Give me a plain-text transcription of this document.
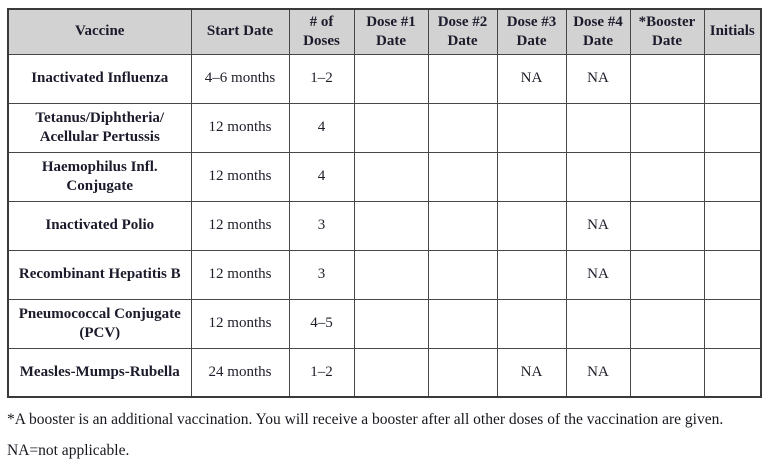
Vaccine	Start Date	# of Doses	Dose #1 Date	Dose #2 Date	Dose #3 Date	Dose #4 Date	*Booster Date	Initials
Inactivated Influenza	4–6 months	1–2			NA	NA		
Tetanus/Diphtheria/ Acellular Pertussis	12 months	4						
Haemophilus Infl. Conjugate	12 months	4						
Inactivated Polio	12 months	3				NA		
Recombinant Hepatitis B	12 months	3				NA		
Pneumococcal Conjugate (PCV)	12 months	4–5						
Measles-Mumps-Rubella	24 months	1–2			NA	NA		
*A booster is an additional vaccination. You will receive a booster after all other doses of the vaccination are given.
NA=not applicable.
